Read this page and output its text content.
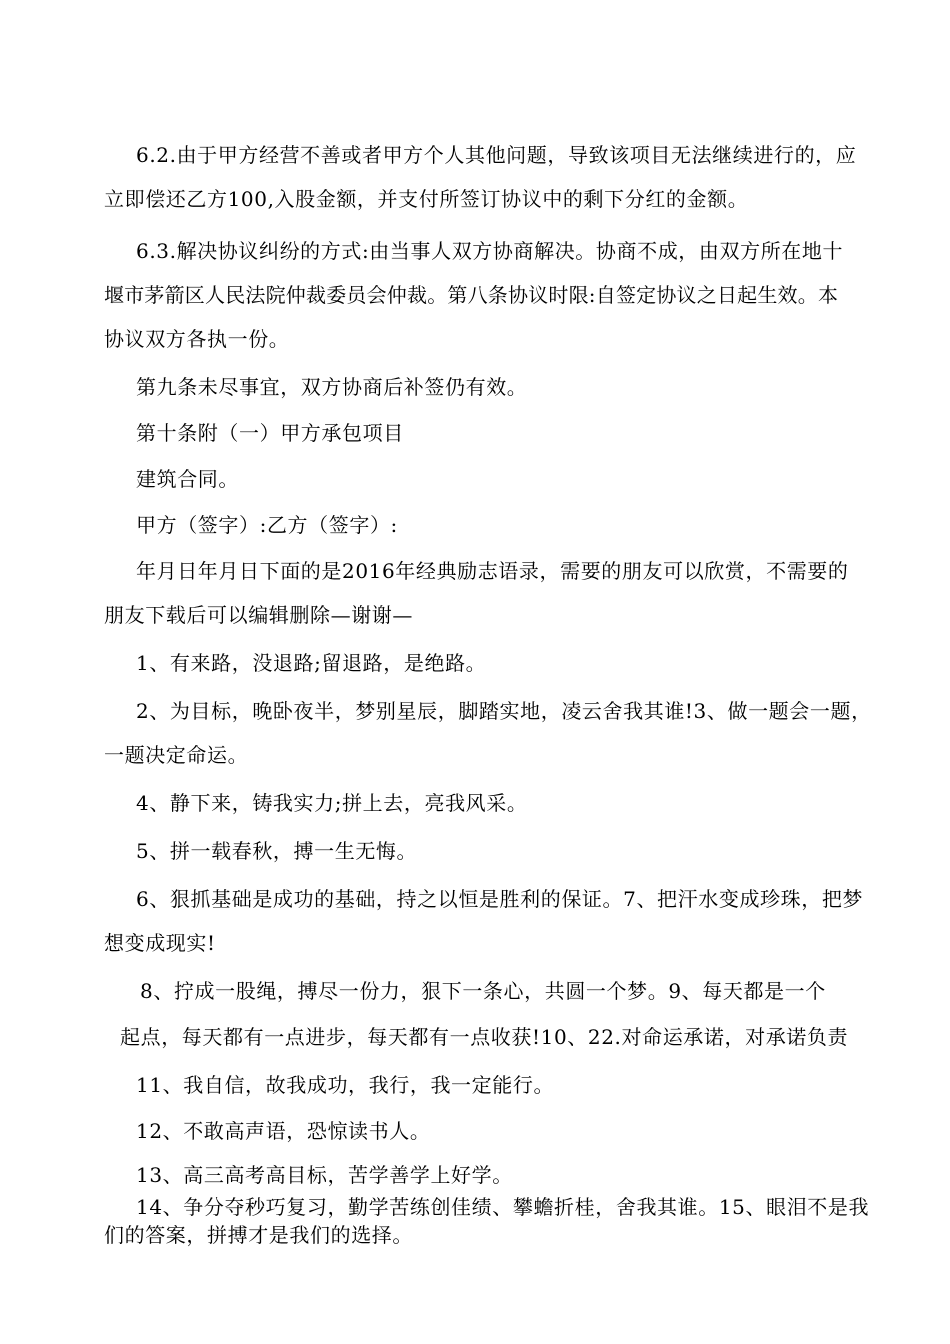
6.2.由于甲方经营不善或者甲方个人其他问题，导致该项目无法继续进行的，应
立即偿还乙方100,入股金额，并支付所签订协议中的剩下分红的金额。
6.3.解决协议纠纷的方式:由当事人双方协商解决。协商不成，由双方所在地十
堰市茅箭区人民法院仲裁委员会仲裁。第八条协议时限:自签定协议之日起生效。本
协议双方各执一份。
第九条未尽事宜，双方协商后补签仍有效。
第十条附（一）甲方承包项目
建筑合同。
甲方（签字）:乙方（签字）:
年月日年月日下面的是2016年经典励志语录，需要的朋友可以欣赏，不需要的
朋友下载后可以编辑删除—谢谢—
1、有来路，没退路;留退路，是绝路。
2、为目标，晚卧夜半，梦别星辰，脚踏实地，凌云舍我其谁!3、做一题会一题，
一题决定命运。
4、静下来，铸我实力;拼上去，亮我风采。
5、拼一载春秋，搏一生无悔。
6、狠抓基础是成功的基础，持之以恒是胜利的保证。7、把汗水变成珍珠，把梦
想变成现实!
8、拧成一股绳，搏尽一份力，狠下一条心，共圆一个梦。9、每天都是一个
起点，每天都有一点进步，每天都有一点收获!10、22.对命运承诺，对承诺负责
11、我自信，故我成功，我行，我一定能行。
12、不敢高声语，恐惊读书人。
13、高三高考高目标，苦学善学上好学。
14、争分夺秒巧复习，勤学苦练创佳绩、攀蟾折桂，舍我其谁。15、眼泪不是我
们的答案，拼搏才是我们的选择。
